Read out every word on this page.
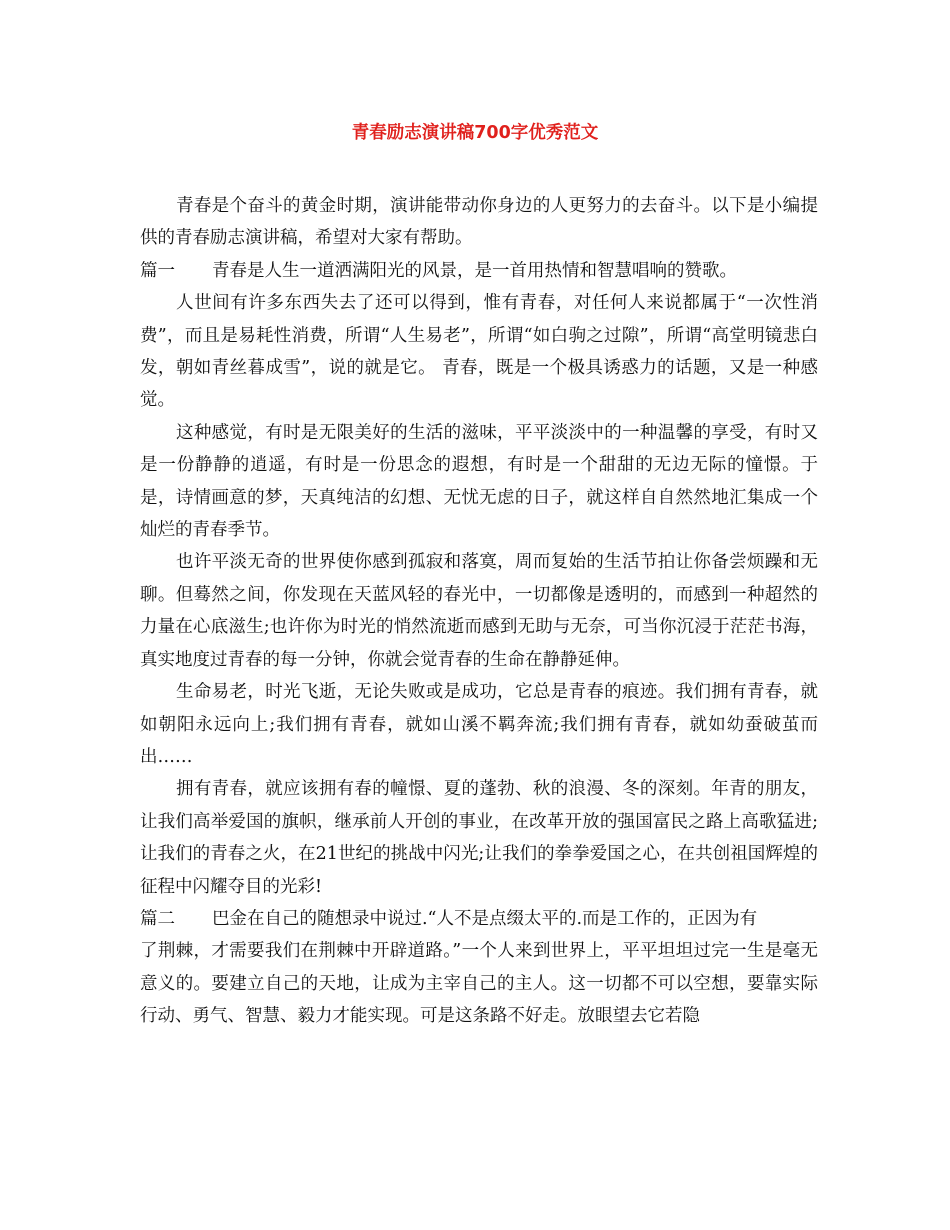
青春励志演讲稿700字优秀范文

青春是个奋斗的黄金时期，演讲能带动你身边的人更努力的去奋斗。以下是小编提供的青春励志演讲稿，希望对大家有帮助。

篇一 青春是人生一道洒满阳光的风景，是一首用热情和智慧唱响的赞歌。

人世间有许多东西失去了还可以得到，惟有青春，对任何人来说都属于“一次性消费”，而且是易耗性消费，所谓“人生易老”，所谓“如白驹之过隙”，所谓“高堂明镜悲白发，朝如青丝暮成雪”，说的就是它。 青春，既是一个极具诱惑力的话题，又是一种感觉。

这种感觉，有时是无限美好的生活的滋味，平平淡淡中的一种温馨的享受，有时又是一份静静的逍遥，有时是一份思念的遐想，有时是一个甜甜的无边无际的憧憬。于是，诗情画意的梦，天真纯洁的幻想、无忧无虑的日子，就这样自自然然地汇集成一个灿烂的青春季节。

也许平淡无奇的世界使你感到孤寂和落寞，周而复始的生活节拍让你备尝烦躁和无聊。但蓦然之间，你发现在天蓝风轻的春光中，一切都像是透明的，而感到一种超然的力量在心底滋生;也许你为时光的悄然流逝而感到无助与无奈，可当你沉浸于茫茫书海，真实地度过青春的每一分钟，你就会觉青春的生命在静静延伸。

生命易老，时光飞逝，无论失败或是成功，它总是青春的痕迹。我们拥有青春，就如朝阳永远向上;我们拥有青春，就如山溪不羁奔流;我们拥有青春，就如幼蚕破茧而出……

拥有青春，就应该拥有春的幢憬、夏的蓬勃、秋的浪漫、冬的深刻。年青的朋友，让我们高举爱国的旗帜，继承前人开创的事业，在改革开放的强国富民之路上高歌猛进;让我们的青春之火，在21世纪的挑战中闪光;让我们的拳拳爱国之心，在共创祖国辉煌的征程中闪耀夺目的光彩!

篇二 巴金在自己的随想录中说过.“人不是点缀太平的.而是工作的，正因为有

了荆棘，才需要我们在荆棘中开辟道路。”一个人来到世界上，平平坦坦过完一生是毫无意义的。要建立自己的天地，让成为主宰自己的主人。这一切都不可以空想，要靠实际行动、勇气、智慧、毅力才能实现。可是这条路不好走。放眼望去它若隐
